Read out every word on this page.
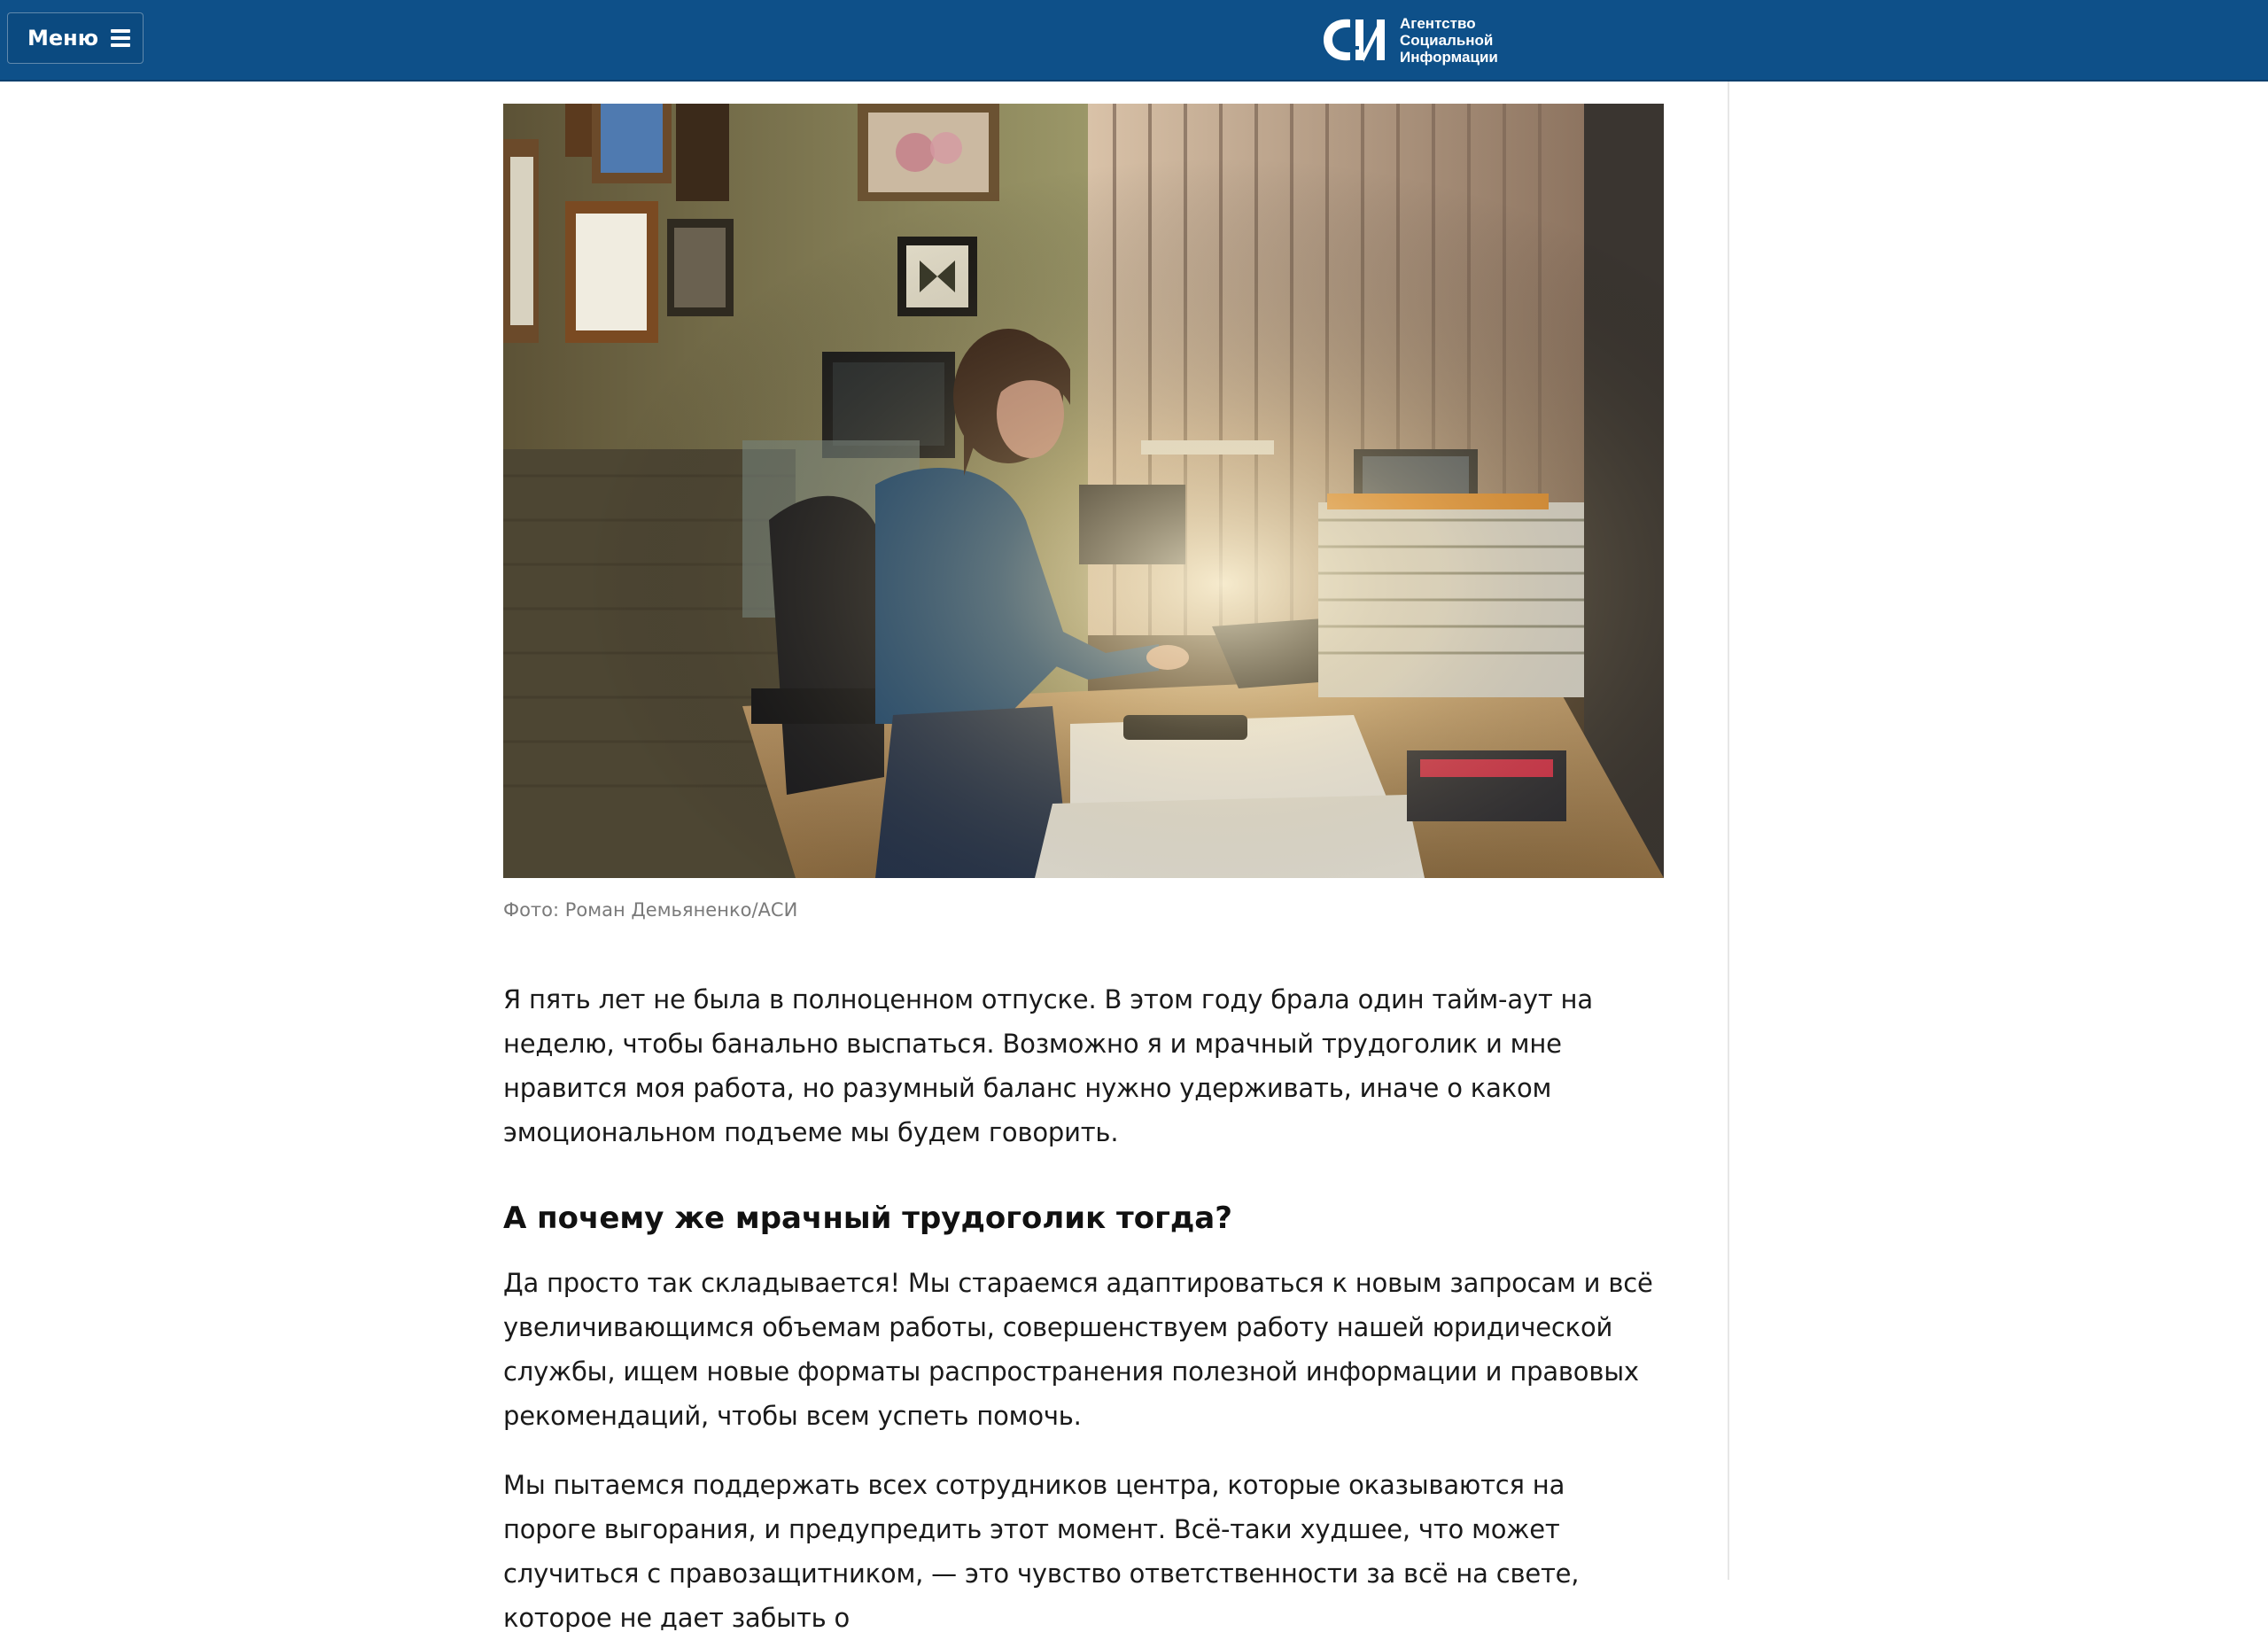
Меню
Агентство
Социальной
Информации
Фото: Роман Демьяненко/АСИ

Я пять лет не была в полноценном отпуске. В этом году брала один тайм-аут на неделю, чтобы банально выспаться. Возможно я и мрачный трудоголик и мне нравится моя работа, но разумный баланс нужно удерживать, иначе о каком эмоциональном подъеме мы будем говорить.

А почему же мрачный трудоголик тогда?

Да просто так складывается! Мы стараемся адаптироваться к новым запросам и всё увеличивающимся объемам работы, совершенствуем работу нашей юридической службы, ищем новые форматы распространения полезной информации и правовых рекомендаций, чтобы всем успеть помочь.

Мы пытаемся поддержать всех сотрудников центра, которые оказываются на пороге выгорания, и предупредить этот момент. Всё-таки худшее, что может случиться с правозащитником, — это чувство ответственности за всё на свете, которое не дает забыть о
